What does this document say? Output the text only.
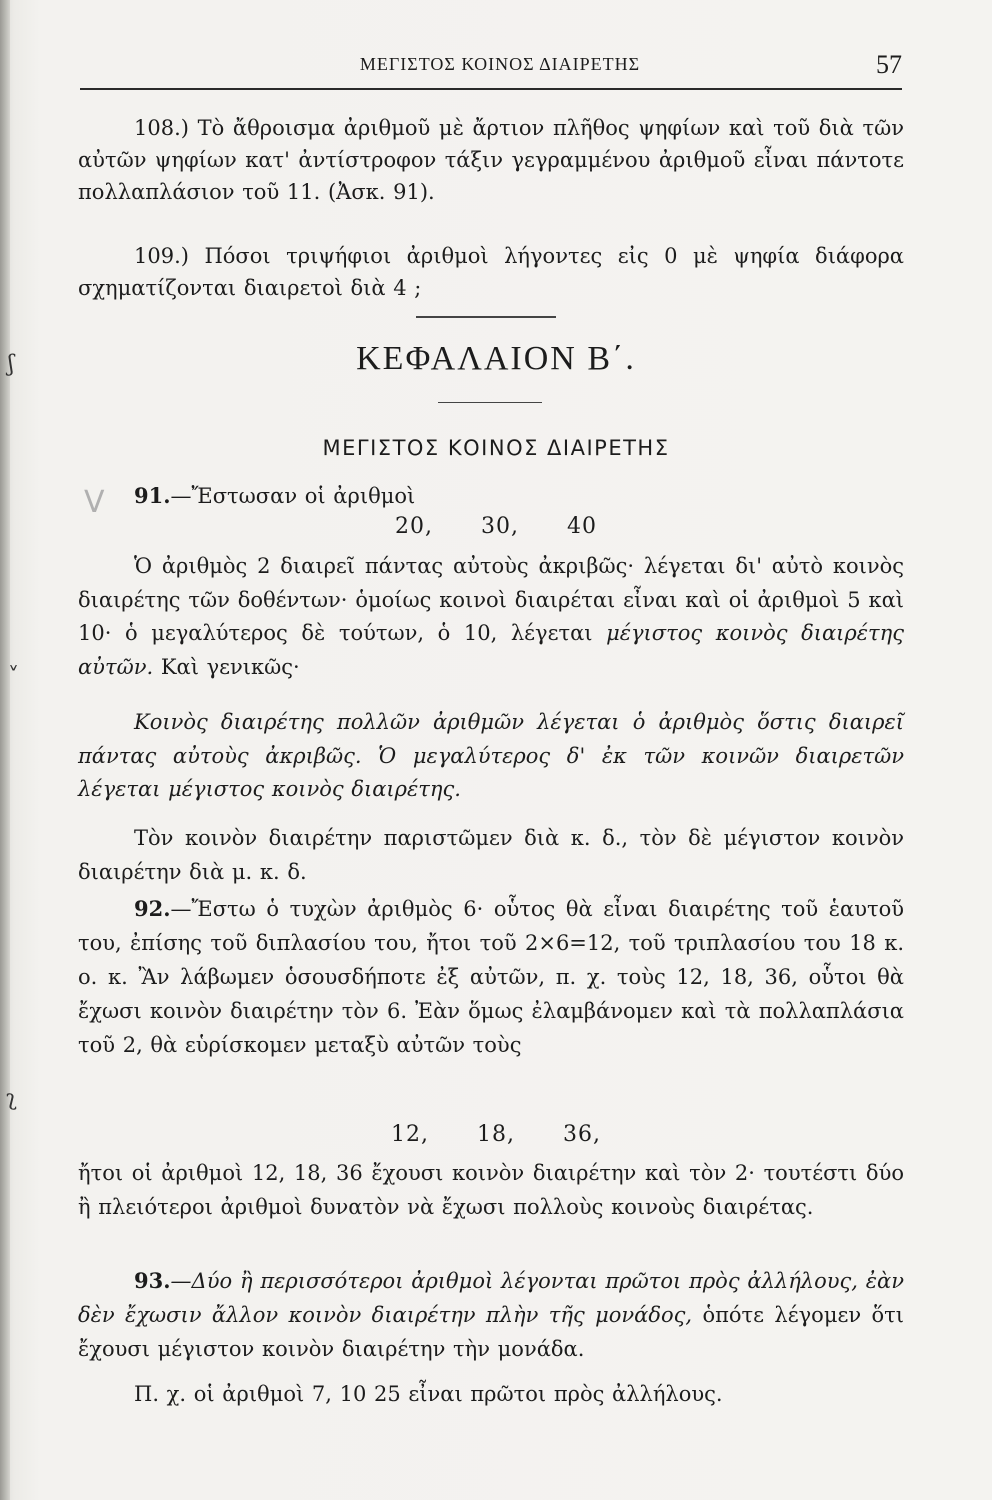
ΜΕΓΙΣΤΟΣ ΚΟΙΝΟΣ ΔΙΑΙΡΕΤΗΣ	57
108.) Τὸ ἄθροισμα ἀριθμοῦ μὲ ἄρτιον πλῆθος ψηφίων καὶ τοῦ διὰ τῶν αὐτῶν ψηφίων κατ' ἀντίστροφον τάξιν γεγραμμένου ἀριθμοῦ εἶναι πάντοτε πολλαπλάσιον τοῦ 11. (Ἀσκ. 91).
109.) Πόσοι τριψήφιοι ἀριθμοὶ λήγοντες εἰς 0 μὲ ψηφία διάφορα σχηματίζονται διαιρετοὶ διὰ 4 ;
ʃ	ΚΕΦΑΛΑΙΟΝ Β΄.
ΜΕΓΙΣΤΟΣ ΚΟΙΝΟΣ ΔΙΑΙΡΕΤΗΣ
V 91.—Ἔστωσαν οἱ ἀριθμοὶ
20, 30, 40
Ὁ ἀριθμὸς 2 διαιρεῖ πάντας αὐτοὺς ἀκριβῶς· λέγεται δι' αὐτὸ κοινὸς διαιρέτης τῶν δοθέντων· ὁμοίως κοινοὶ διαιρέται εἶναι καὶ οἱ ἀριθμοὶ 5 καὶ 10· ὁ μεγαλύτερος δὲ τούτων, ὁ 10, λέγεται μέγιστος κοινὸς διαιρέτης αὐτῶν. Καὶ γενικῶς·
˅
Κοινὸς διαιρέτης πολλῶν ἀριθμῶν λέγεται ὁ ἀριθμὸς ὅστις διαιρεῖ πάντας αὐτοὺς ἀκριβῶς. Ὁ μεγαλύτερος δ' ἐκ τῶν κοινῶν διαιρετῶν λέγεται μέγιστος κοινὸς διαιρέτης.
Τὸν κοινὸν διαιρέτην παριστῶμεν διὰ κ. δ., τὸν δὲ μέγιστον κοινὸν διαιρέτην διὰ μ. κ. δ.
92.—Ἔστω ὁ τυχὼν ἀριθμὸς 6· οὗτος θὰ εἶναι διαιρέτης τοῦ ἑαυτοῦ του, ἐπίσης τοῦ διπλασίου του, ἤτοι τοῦ 2×6=12, τοῦ τριπλασίου του 18 κ. ο. κ. Ἂν λάβωμεν ὁσουσδήποτε ἐξ αὐτῶν, π. χ. τοὺς 12, 18, 36, οὗτοι θὰ ἔχωσι κοινὸν διαιρέτην τὸν 6. Ἐὰν ὅμως ἐλαμβάνομεν καὶ τὰ πολλαπλάσια τοῦ 2, θὰ εὑρίσκομεν μεταξὺ αὐτῶν τοὺς
ʅ
12, 18, 36,
ἤτοι οἱ ἀριθμοὶ 12, 18, 36 ἔχουσι κοινὸν διαιρέτην καὶ τὸν 2· τουτέστι δύο ἢ πλειότεροι ἀριθμοὶ δυνατὸν νὰ ἔχωσι πολλοὺς κοινοὺς διαιρέτας.
93.—Δύο ἢ περισσότεροι ἀριθμοὶ λέγονται πρῶτοι πρὸς ἀλλήλους, ἐὰν δὲν ἔχωσιν ἄλλον κοινὸν διαιρέτην πλὴν τῆς μονάδος, ὁπότε λέγομεν ὅτι ἔχουσι μέγιστον κοινὸν διαιρέτην τὴν μονάδα.
Π. χ. οἱ ἀριθμοὶ 7, 10 25 εἶναι πρῶτοι πρὸς ἀλλήλους.
